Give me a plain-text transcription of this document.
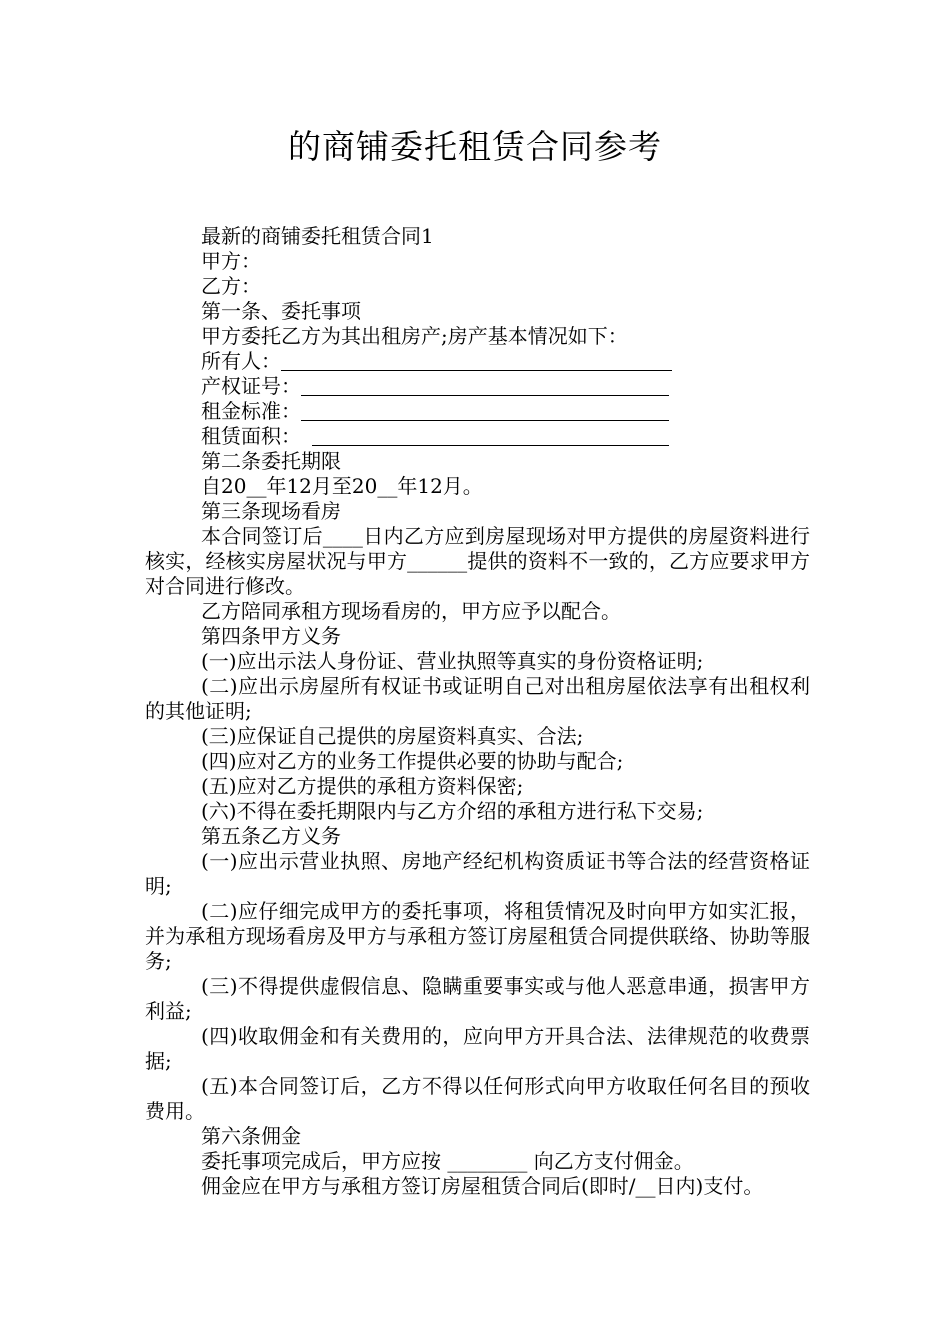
的商铺委托租赁合同参考

最新的商铺委托租赁合同1

甲方：

乙方：

第一条、委托事项

甲方委托乙方为其出租房产;房产基本情况如下：

所有人：
产权证号：
租金标准：
租赁面积：

第二条委托期限

自20__年12月至20__年12月。

第三条现场看房

本合同签订后____日内乙方应到房屋现场对甲方提供的房屋资料进行核实，经核实房屋状况与甲方______提供的资料不一致的，乙方应要求甲方对合同进行修改。

乙方陪同承租方现场看房的，甲方应予以配合。

第四条甲方义务

(一)应出示法人身份证、营业执照等真实的身份资格证明;

(二)应出示房屋所有权证书或证明自己对出租房屋依法享有出租权利的其他证明;

(三)应保证自己提供的房屋资料真实、合法;

(四)应对乙方的业务工作提供必要的协助与配合;

(五)应对乙方提供的承租方资料保密;

(六)不得在委托期限内与乙方介绍的承租方进行私下交易;

第五条乙方义务

(一)应出示营业执照、房地产经纪机构资质证书等合法的经营资格证明;

(二)应仔细完成甲方的委托事项，将租赁情况及时向甲方如实汇报，并为承租方现场看房及甲方与承租方签订房屋租赁合同提供联络、协助等服务;

(三)不得提供虚假信息、隐瞒重要事实或与他人恶意串通，损害甲方利益;

(四)收取佣金和有关费用的，应向甲方开具合法、法律规范的收费票据;

(五)本合同签订后，乙方不得以任何形式向甲方收取任何名目的预收费用。

第六条佣金

委托事项完成后，甲方应按 ________ 向乙方支付佣金。

佣金应在甲方与承租方签订房屋租赁合同后(即时/__日内)支付。
